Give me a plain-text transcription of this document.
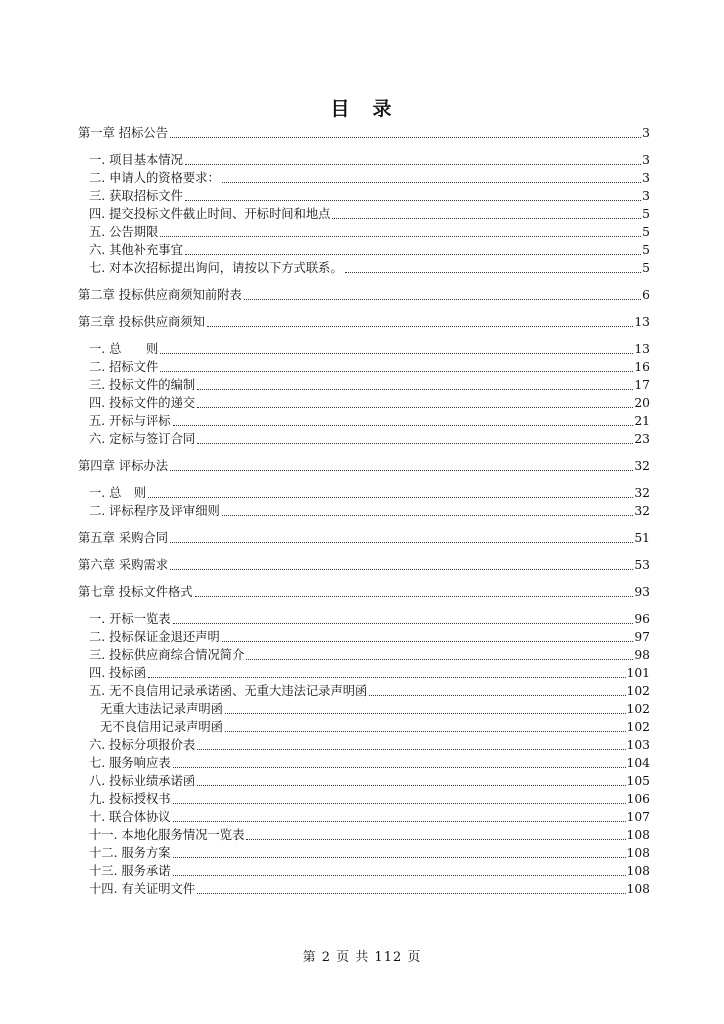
目　录
第一章 招标公告	3
一. 项目基本情况	3
二. 申请人的资格要求：	3
三. 获取招标文件	3
四. 提交投标文件截止时间、开标时间和地点	5
五. 公告期限	5
六. 其他补充事宜	5
七. 对本次招标提出询问，请按以下方式联系。	5
第二章 投标供应商须知前附表	6
第三章 投标供应商须知	13
一. 总　　则	13
二. 招标文件	16
三. 投标文件的编制	17
四. 投标文件的递交	20
五. 开标与评标	21
六. 定标与签订合同	23
第四章 评标办法	32
一. 总　则	32
二. 评标程序及评审细则	32
第五章 采购合同	51
第六章 采购需求	53
第七章 投标文件格式	93
一. 开标一览表	96
二. 投标保证金退还声明	97
三. 投标供应商综合情况简介	98
四. 投标函	101
五. 无不良信用记录承诺函、无重大违法记录声明函	102
无重大违法记录声明函	102
无不良信用记录声明函	102
六. 投标分项报价表	103
七. 服务响应表	104
八. 投标业绩承诺函	105
九. 投标授权书	106
十. 联合体协议	107
十一. 本地化服务情况一览表	108
十二. 服务方案	108
十三. 服务承诺	108
十四. 有关证明文件	108
第 2 页 共 112 页
